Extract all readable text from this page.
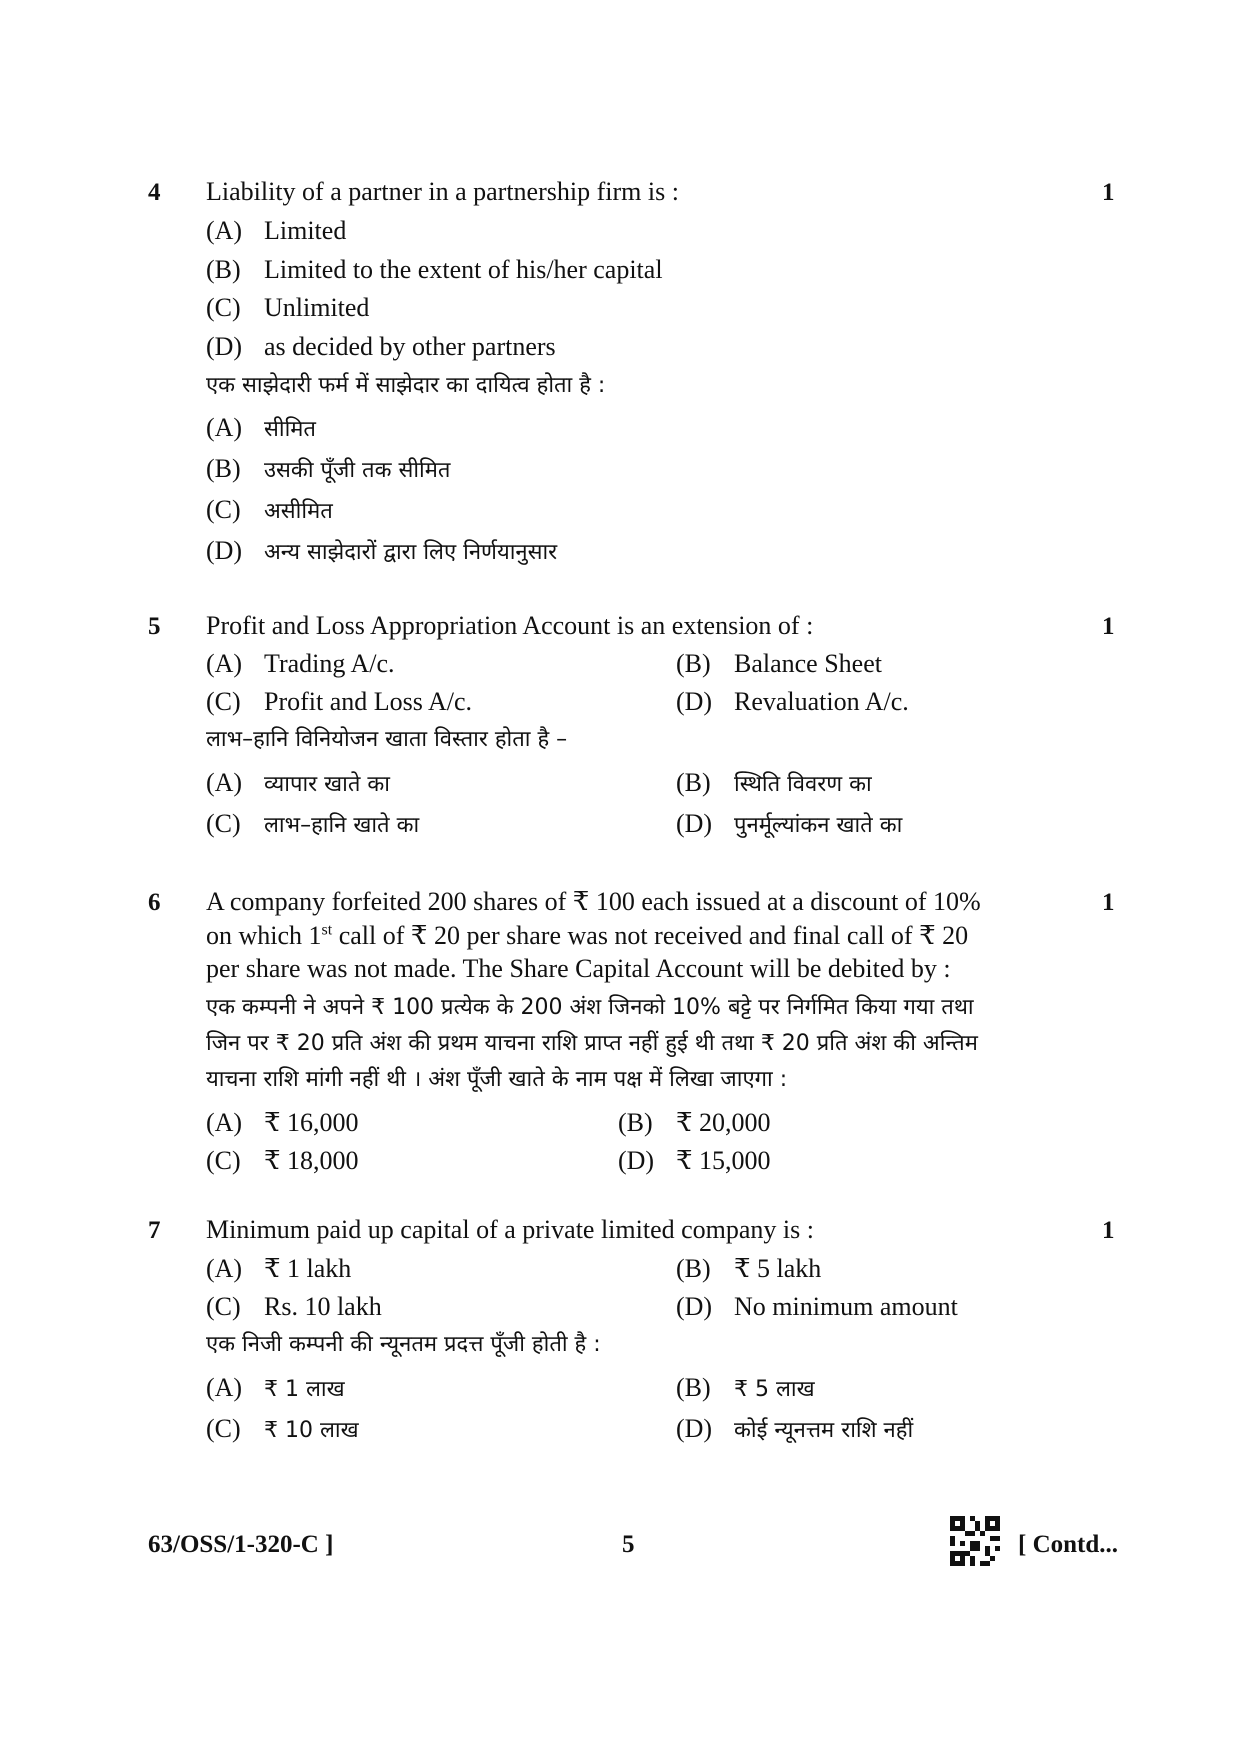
4 Liability of a partner in a partnership firm is :	1
(A) Limited
(B) Limited to the extent of his/her capital
(C) Unlimited
(D) as decided by other partners
एक साझेदारी फर्म में साझेदार का दायित्व होता है :
(A) सीमित
(B) उसकी पूँजी तक सीमित
(C) असीमित
(D) अन्य साझेदारों द्वारा लिए निर्णयानुसार
5 Profit and Loss Appropriation Account is an extension of :	1
(A) Trading A/c.	(B) Balance Sheet
(C) Profit and Loss A/c.	(D) Revaluation A/c.
लाभ–हानि विनियोजन खाता विस्तार होता है –
(A) व्यापार खाते का	(B) स्थिति विवरण का
(C) लाभ–हानि खाते का	(D) पुनर्मूल्यांकन खाते का
6 A company forfeited 200 shares of ₹ 100 each issued at a discount of 10%	1
on which 1st call of ₹ 20 per share was not received and final call of ₹ 20
per share was not made. The Share Capital Account will be debited by :
एक कम्पनी ने अपने ₹ 100 प्रत्येक के 200 अंश जिनको 10% बट्टे पर निर्गमित किया गया तथा
जिन पर ₹ 20 प्रति अंश की प्रथम याचना राशि प्राप्त नहीं हुई थी तथा ₹ 20 प्रति अंश की अन्तिम
याचना राशि मांगी नहीं थी । अंश पूँजी खाते के नाम पक्ष में लिखा जाएगा :
(A) ₹ 16,000	(B) ₹ 20,000
(C) ₹ 18,000	(D) ₹ 15,000
7 Minimum paid up capital of a private limited company is :	1
(A) ₹ 1 lakh	(B) ₹ 5 lakh
(C) Rs. 10 lakh	(D) No minimum amount
एक निजी कम्पनी की न्यूनतम प्रदत्त पूँजी होती है :
(A) ₹ 1 लाख	(B) ₹ 5 लाख
(C) ₹ 10 लाख	(D) कोई न्यूनत्तम राशि नहीं
63/OSS/1-320-C ]	5	[ Contd...
